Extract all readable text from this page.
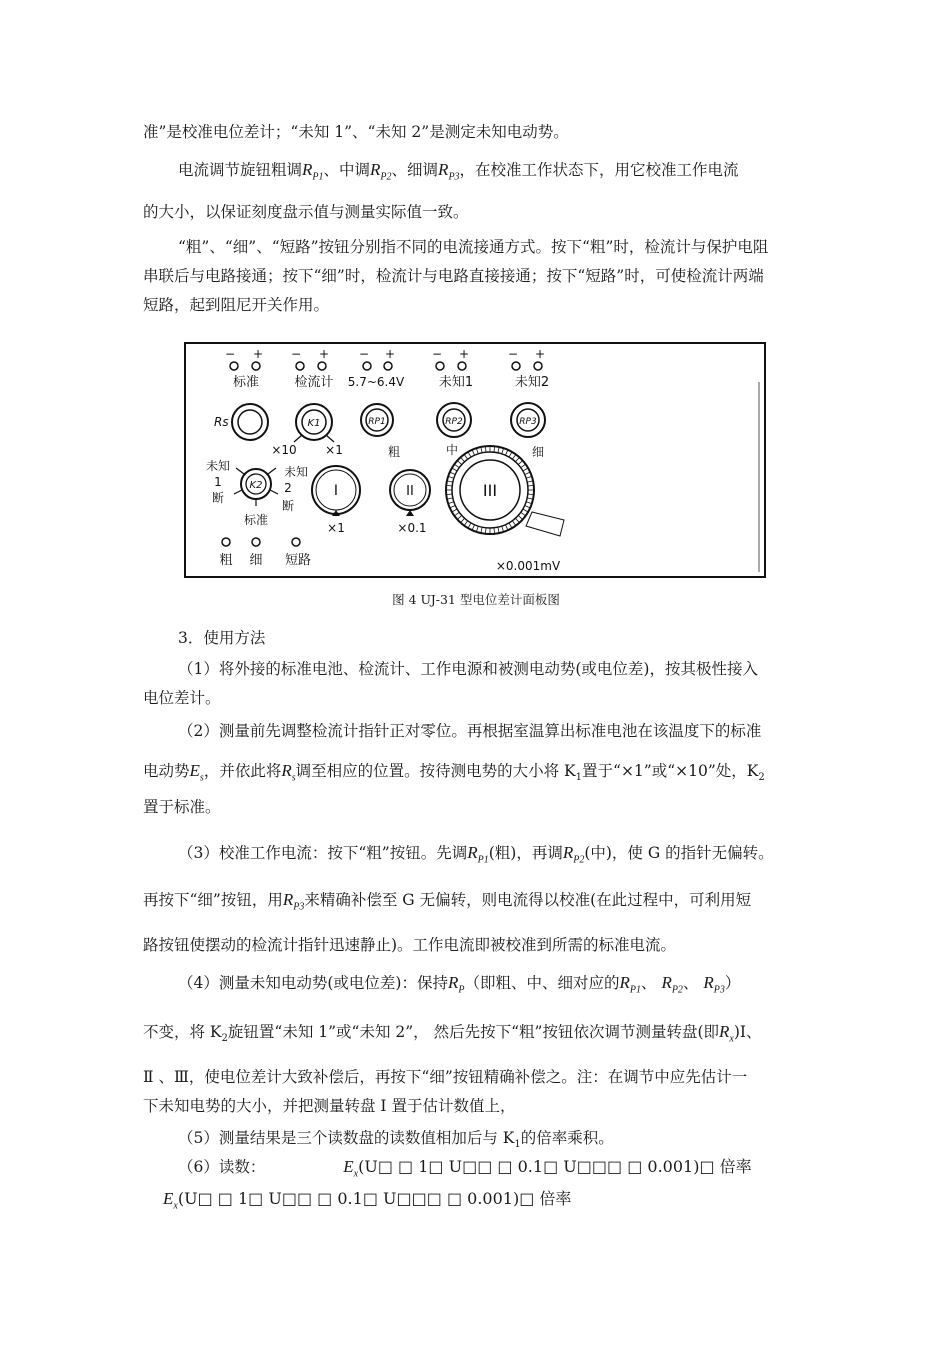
准”是校准电位差计；“未知 1”、“未知 2”是测定未知电动势。
电流调节旋钮粗调$R_{P1}$、中调$R_{P2}$、细调$R_{P3}$，在校准工作状态下，用它校准工作电流
的大小，以保证刻度盘示值与测量实际值一致。
“粗”、“细”、“短路”按钮分别指不同的电流接通方式。按下“粗”时，检流计与保护电阻
串联后与电路接通；按下“细”时，检流计与电路直接接通；按下“短路”时，可使检流计两端
短路，起到阻尼开关作用。
− +
标准
− +
检流计
− +
5.7~6.4V
− +
未知1
− +
未知2
Rs	K1
×10 ×1
RP1	RP2	RP3
中	细
粗
K2
未知
1
断
未知
2
断
标准
I
×1
II
×0.1
III
×0.001mV
粗 细 短路
图 4 UJ-31 型电位差计面板图
3．使用方法
（1）将外接的标准电池、检流计、工作电源和被测电动势(或电位差)，按其极性接入
电位差计。
（2）测量前先调整检流计指针正对零位。再根据室温算出标准电池在该温度下的标准
电动势$E_s$，并依此将$R_s$调至相应的位置。按待测电势的大小将 $K_1$置于“×1”或“×10”处，$K_2$
置于标准。
（3）校准工作电流：按下“粗”按钮。先调$R_{P1}$(粗)，再调$R_{P2}$(中)，使 G 的指针无偏转。
再按下“细”按钮，用$R_{P3}$来精确补偿至 G 无偏转，则电流得以校准(在此过程中，可利用短
路按钮使摆动的检流计指针迅速静止)。工作电流即被校准到所需的标准电流。
（4）测量未知电动势(或电位差)：保持$R_P$（即粗、中、细对应的$R_{P1}$、 $R_{P2}$、 $R_{P3}$）
不变，将 $K_2$旋钮置“未知 1”或“未知 2”， 然后先按下“粗”按钮依次调节测量转盘(即$R_x)Ⅰ$、
Ⅱ 、Ⅲ，使电位差计大致补偿后，再按下“细”按钮精确补偿之。注：在调节中应先估计一
下未知电势的大小，并把测量转盘 I 置于估计数值上，
（5）测量结果是三个读数盘的读数值相加后与 $K_1$的倍率乘积。
（6）读数：	$E_x(U□$ □ 1□ U□□ □ 0.1□ U□□□ □ 0.001)□ 倍率
$E_x(U□$ □ 1□ U□□ □ 0.1□ U□□□ □ 0.001)□ 倍率
